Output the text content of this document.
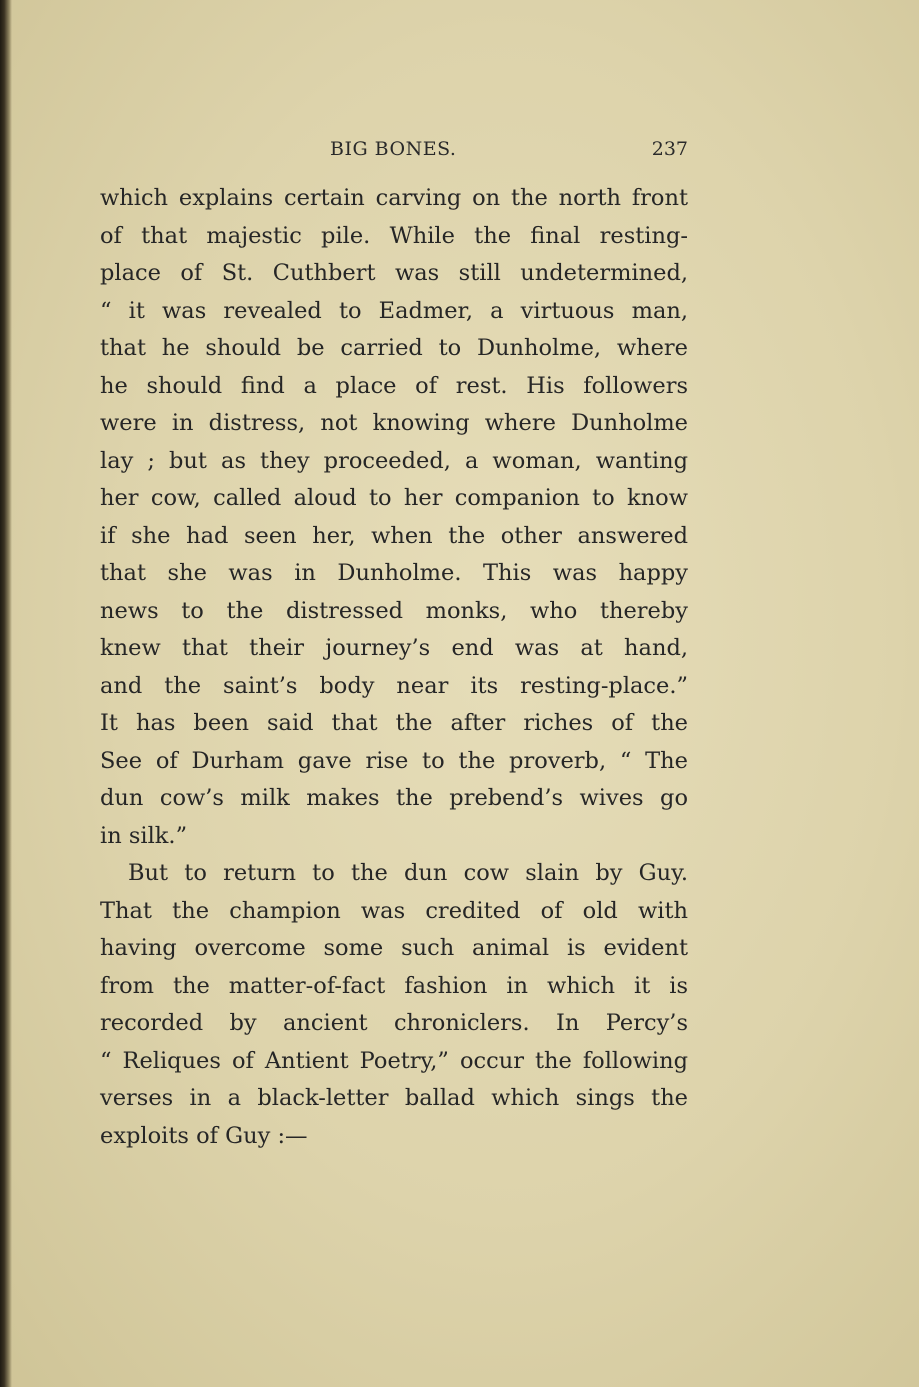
BIG BONES.	237
which explains certain carving on the north front
of that majestic pile. While the final resting-
place of St. Cuthbert was still undetermined,
“ it was revealed to Eadmer, a virtuous man,
that he should be carried to Dunholme, where
he should find a place of rest. His followers
were in distress, not knowing where Dunholme
lay ; but as they proceeded, a woman, wanting
her cow, called aloud to her companion to know
if she had seen her, when the other answered
that she was in Dunholme. This was happy
news to the distressed monks, who thereby
knew that their journey’s end was at hand,
and the saint’s body near its resting-place.”
It has been said that the after riches of the
See of Durham gave rise to the proverb, “ The
dun cow’s milk makes the prebend’s wives go
in silk.”
But to return to the dun cow slain by Guy.
That the champion was credited of old with
having overcome some such animal is evident
from the matter-of-fact fashion in which it is
recorded by ancient chroniclers. In Percy’s
“ Reliques of Antient Poetry,” occur the following
verses in a black-letter ballad which sings the
exploits of Guy :—
